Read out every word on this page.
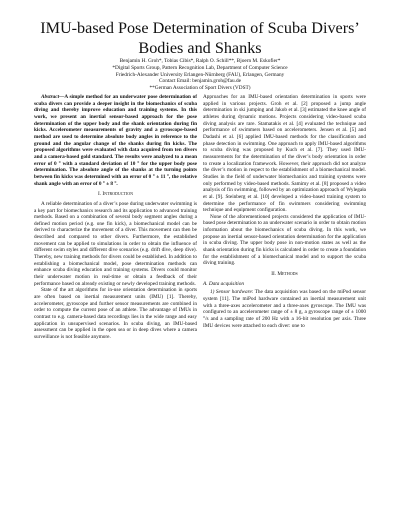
IMU-based Pose Determination of Scuba Divers’
Bodies and Shanks
Benjamin H. Groh*, Tobias Cibis*, Ralph O. Schill**, Bjoern M. Eskofier*
*Digital Sports Group, Pattern Recognition Lab, Department of Computer Science
Friedrich-Alexander University Erlangen-Nürnberg (FAU), Erlangen, Germany
Contact Email: benjamin.groh@fau.de
**German Association of Sport Divers (VDST)

Abstract—A simple method for an underwater pose determination of scuba divers can provide a deeper insight in the biomechanics of scuba diving and thereby improve education and training systems. In this work, we present an inertial sensor-based approach for the pose determination of the upper body and the shank orientation during fin kicks. Accelerometer measurements of gravity and a gyroscope-based method are used to determine absolute body angles in reference to the ground and the angular change of the shanks during fin kicks. The proposed algorithms were evaluated with data acquired from ten divers and a camera-based gold standard. The results were analyzed to a mean error of 0 ° with a standard deviation of 10 ° for the upper body pose determination. The absolute angle of the shanks at the turning points between fin kicks was determined with an error of 0 ° ± 11 °, the relative shank angle with an error of 0 ° ± 8 °.

I. Introduction

A reliable determination of a diver’s pose during underwater swimming is a key part for biomechanics research and its application to advanced training methods. Based on a combination of several body segment angles during a defined motion period (e.g. one fin kick), a biomechanical model can be derived to characterize the movement of a diver. This movement can then be described and compared to other divers. Furthermore, the established movement can be applied to simulations in order to obtain the influence of different swim styles and different dive scenarios (e.g. drift dive, deep dive). Thereby, new training methods for divers could be established. In addition to establishing a biomechanical model, pose determination methods can enhance scuba diving education and training systems. Divers could monitor their underwater motion in real-time or obtain a feedback of their performance based on already existing or newly developed training methods.

State of the art algorithms for in-use orientation determination in sports are often based on inertial measurement units (IMU) [1]. Thereby, accelerometer, gyroscope and further sensor measurements are combined in order to compute the current pose of an athlete. The advantage of IMUs in contrast to e.g. camera-based data recordings lies in the wide range and easy application in unsupervised scenarios. In scuba diving, an IMU-based assessment can be applied in the open sea or in deep dives where a camera surveillance is not feasible anymore.

Approaches for an IMU-based orientation determination in sports were applied in various projects. Groh et al. [2] proposed a jump angle determination in ski jumping and Jakob et al. [3] estimated the knee angle of athletes during dynamic motions. Projects considering video-based scuba diving analysis are rare. Stamatakis et al. [4] evaluated the technique and performance of swimmers based on accelerometers. Jensen et al. [5] and Dadashi et al. [6] applied IMU-based methods for the classification and phase detection in swimming. One approach to apply IMU-based algorithms to scuba diving was proposed by Kuch et al. [7]. They used IMU-measurements for the determination of the diver’s body orientation in order to create a localization framework. However, their approach did not analyze the diver’s motion in respect to the establishment of a biomechanical model. Studies in the field of underwater biomechanics and training systems were only performed by video-based methods. Samimy et al. [8] proposed a video analysis of fin swimming, followed by an optimization approach of Wylegała et al. [9]. Steinberg et al. [10] developed a video-based training system to determine the performance of fin swimmers considering swimming technique and equipment configuration.

None of the aforementioned projects considered the application of IMU-based pose determination to an underwater scenario in order to obtain motion information about the biomechanics of scuba diving. In this work, we propose an inertial sensor-based orientation determination for the application in scuba diving. The upper body pose in non-motion states as well as the shank orientation during fin kicks is calculated in order to create a foundation for the establishment of a biomechanical model and to support the scuba diving training.

II. Methods
A. Data acquisition

1) Sensor hardware: The data acquisition was based on the miPod sensor system [11]. The miPod hardware contained an inertial measurement unit with a three-axes accelerometer and a three-axes gyroscope. The IMU was configured to an accelerometer range of ± 8 g, a gyroscope range of ± 1000 °/s and a sampling rate of 200 Hz with a 16-bit resolution per axis. Three IMU devices were attached to each diver: one to
